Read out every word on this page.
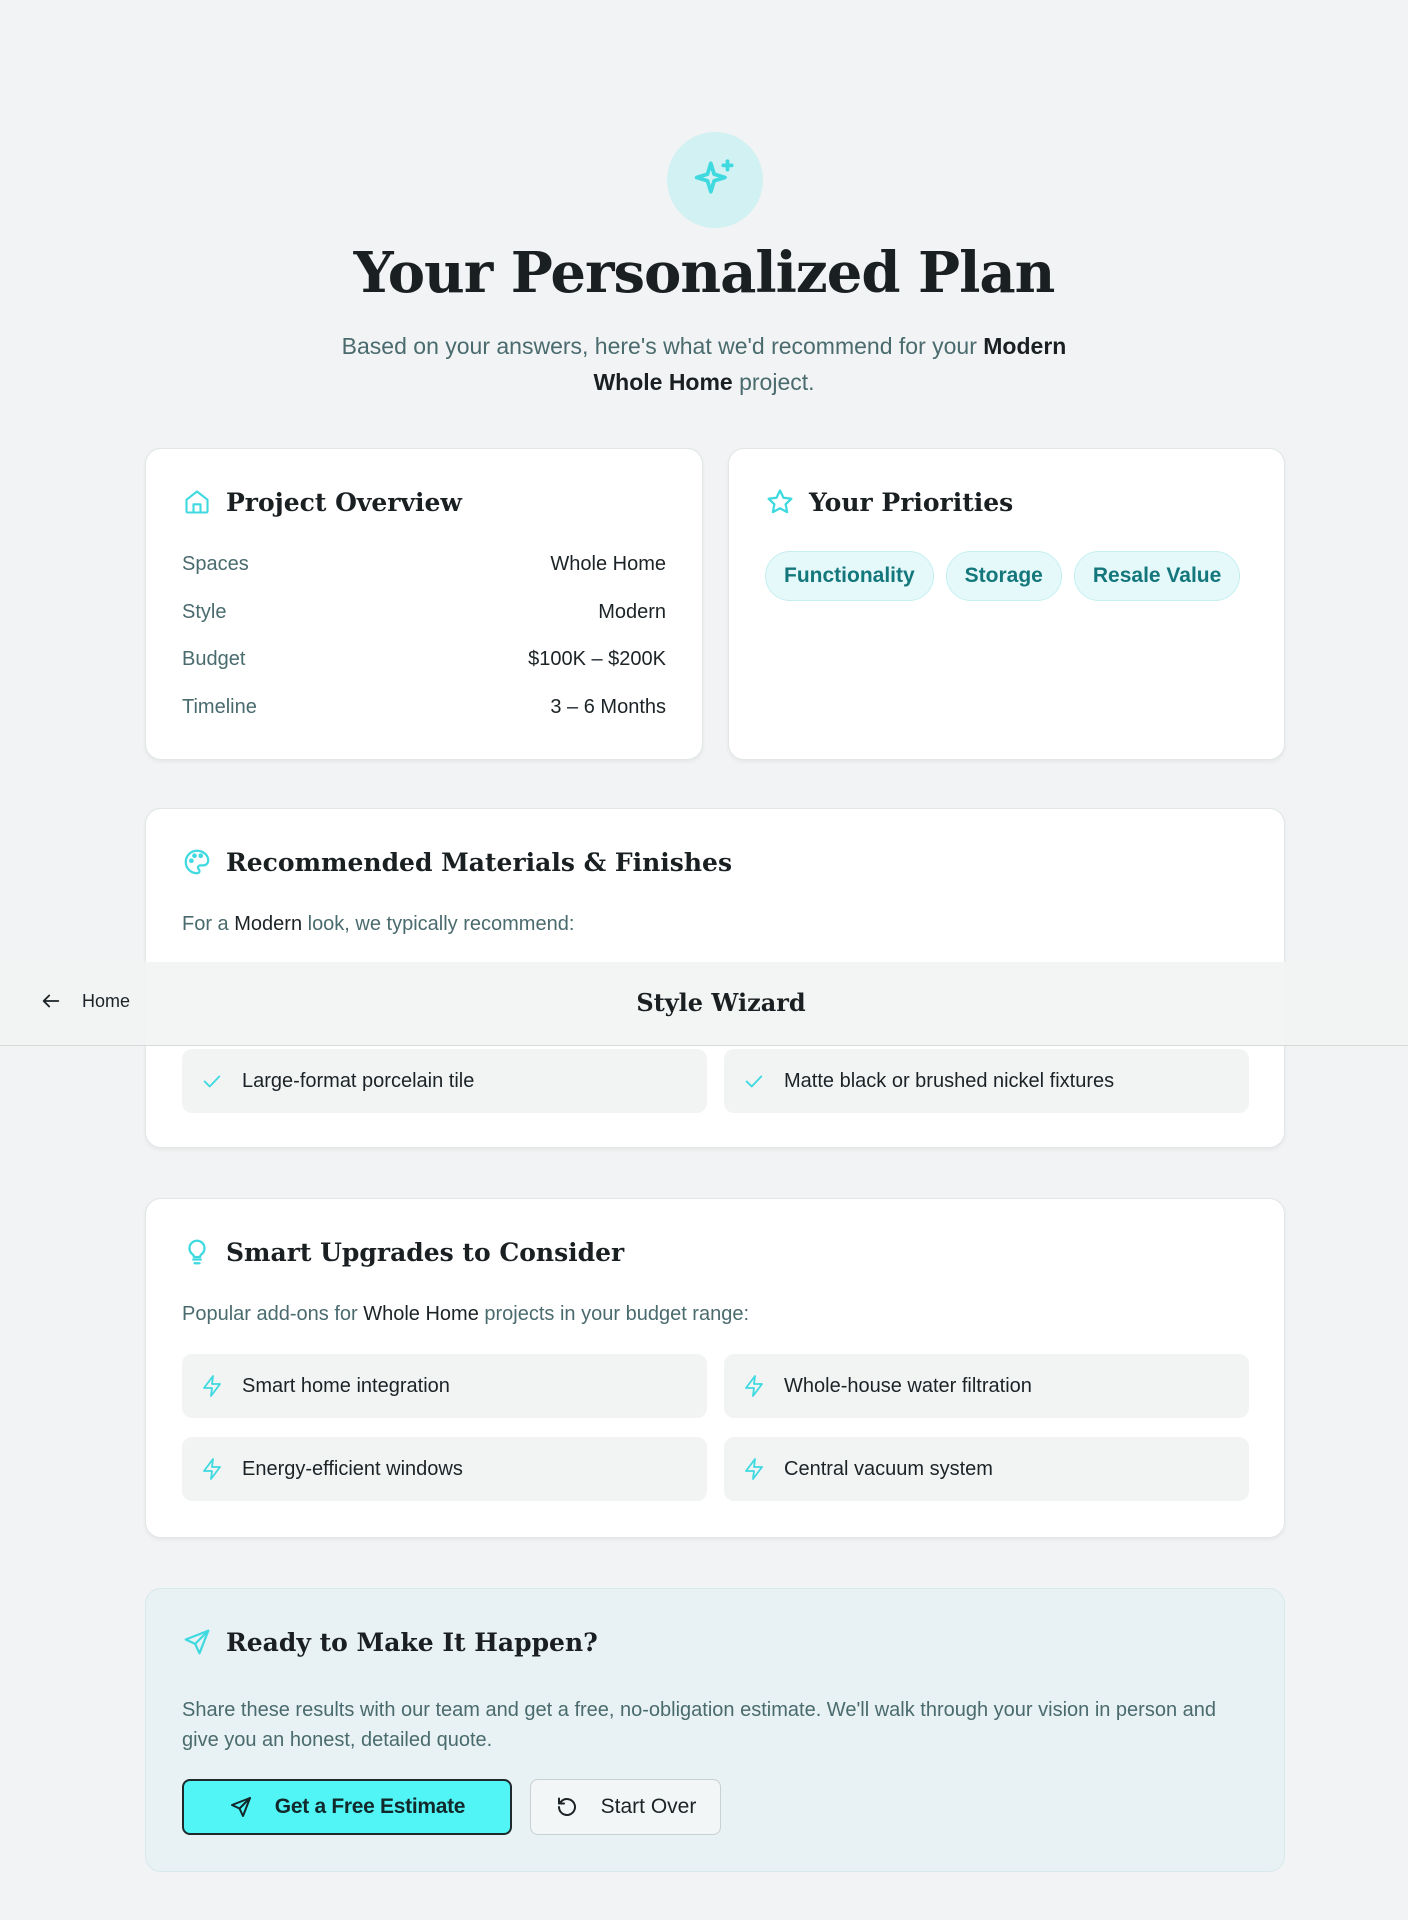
Your Personalized Plan
Based on your answers, here's what we'd recommend for your Modern
Whole Home project.
Project Overview
Spaces	Whole Home
Style	Modern
Budget	$100K – $200K
Timeline	3 – 6 Months
Your Priorities
Functionality	Storage	Resale Value
Recommended Materials & Finishes
For a Modern look, we typically recommend:
Large-format porcelain tile	Matte black or brushed nickel fixtures
Smart Upgrades to Consider
Popular add-ons for Whole Home projects in your budget range:
Smart home integration	Whole-house water filtration
Energy-efficient windows	Central vacuum system
Ready to Make It Happen?
Share these results with our team and get a free, no-obligation estimate. We'll walk through your vision in person and give you an honest, detailed quote.
Get a Free Estimate	Start Over
Home	Style Wizard
